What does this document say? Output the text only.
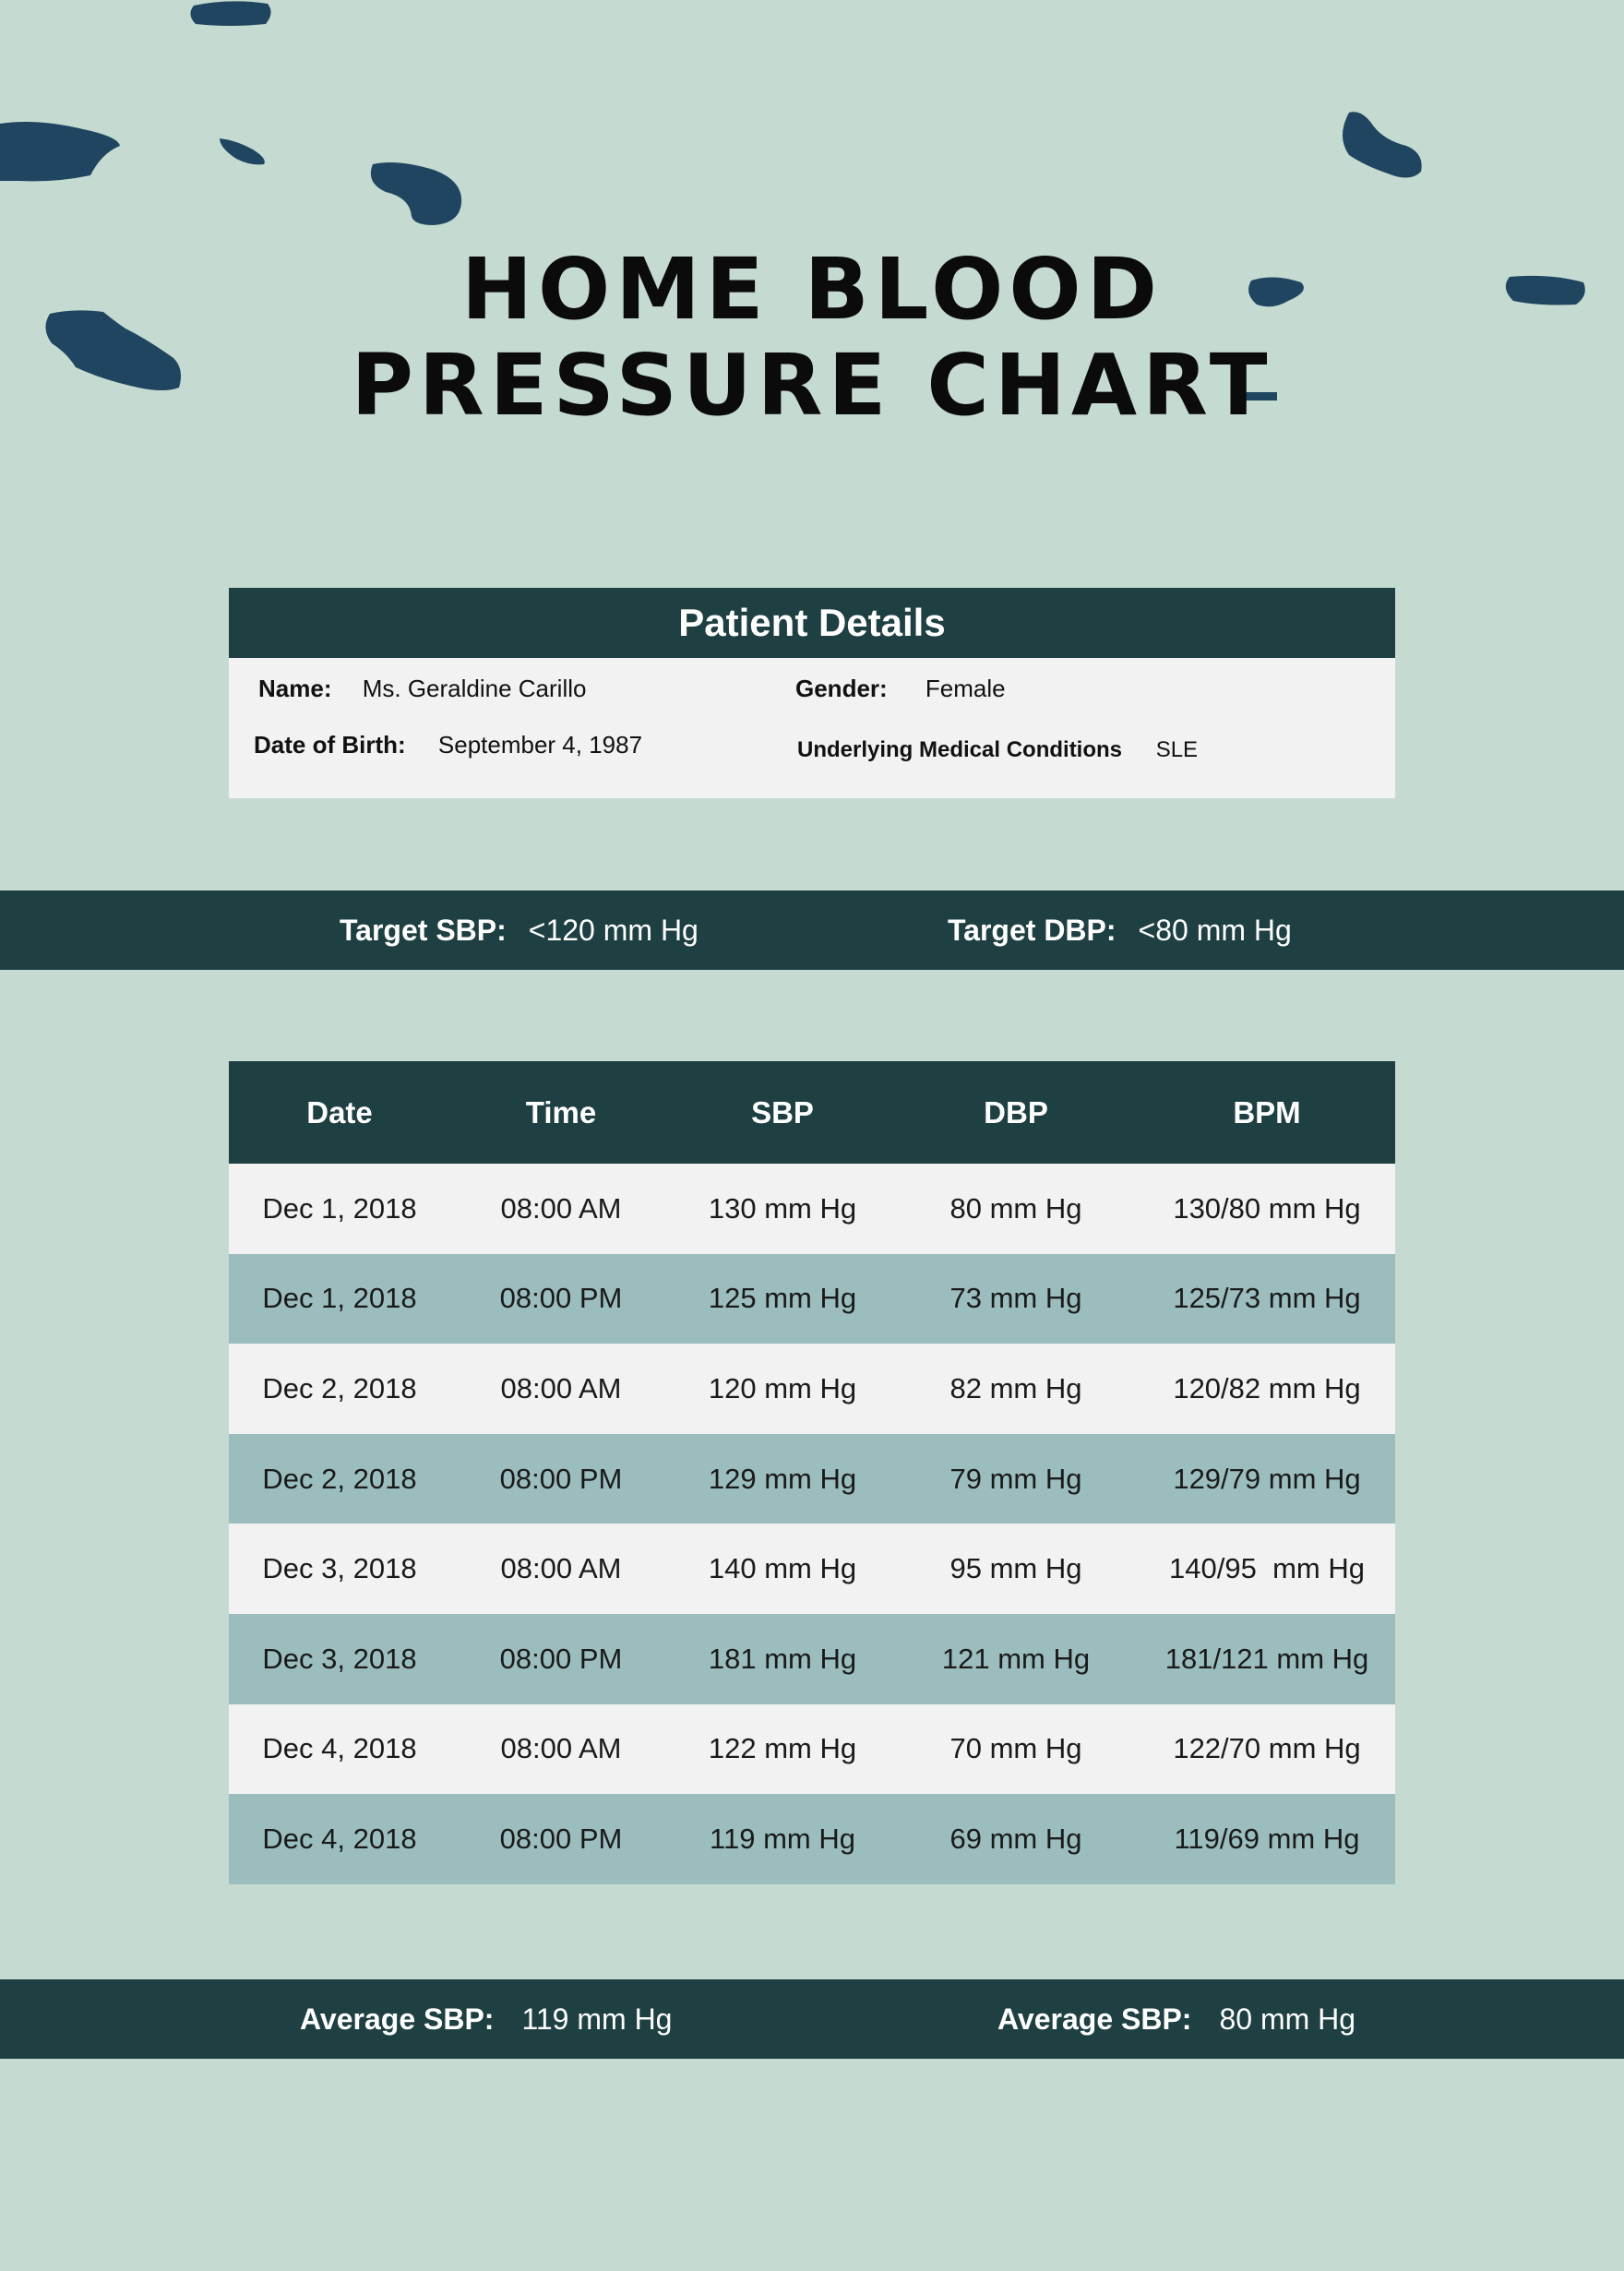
HOME BLOOD
PRESSURE CHART
Patient Details
Name: Ms. Geraldine Carillo	Gender: Female
Date of Birth: September 4, 1987	Underlying Medical Conditions SLE
Target SBP: <120 mm Hg	Target DBP: <80 mm Hg
Date	Time	SBP	DBP	BPM
Dec 1, 2018	08:00 AM	130 mm Hg	80 mm Hg	130/80 mm Hg
Dec 1, 2018	08:00 PM	125 mm Hg	73 mm Hg	125/73 mm Hg
Dec 2, 2018	08:00 AM	120 mm Hg	82 mm Hg	120/82 mm Hg
Dec 2, 2018	08:00 PM	129 mm Hg	79 mm Hg	129/79 mm Hg
Dec 3, 2018	08:00 AM	140 mm Hg	95 mm Hg	140/95  mm Hg
Dec 3, 2018	08:00 PM	181 mm Hg	121 mm Hg	181/121 mm Hg
Dec 4, 2018	08:00 AM	122 mm Hg	70 mm Hg	122/70 mm Hg
Dec 4, 2018	08:00 PM	119 mm Hg	69 mm Hg	119/69 mm Hg
Average SBP: 119 mm Hg	Average SBP: 80 mm Hg
